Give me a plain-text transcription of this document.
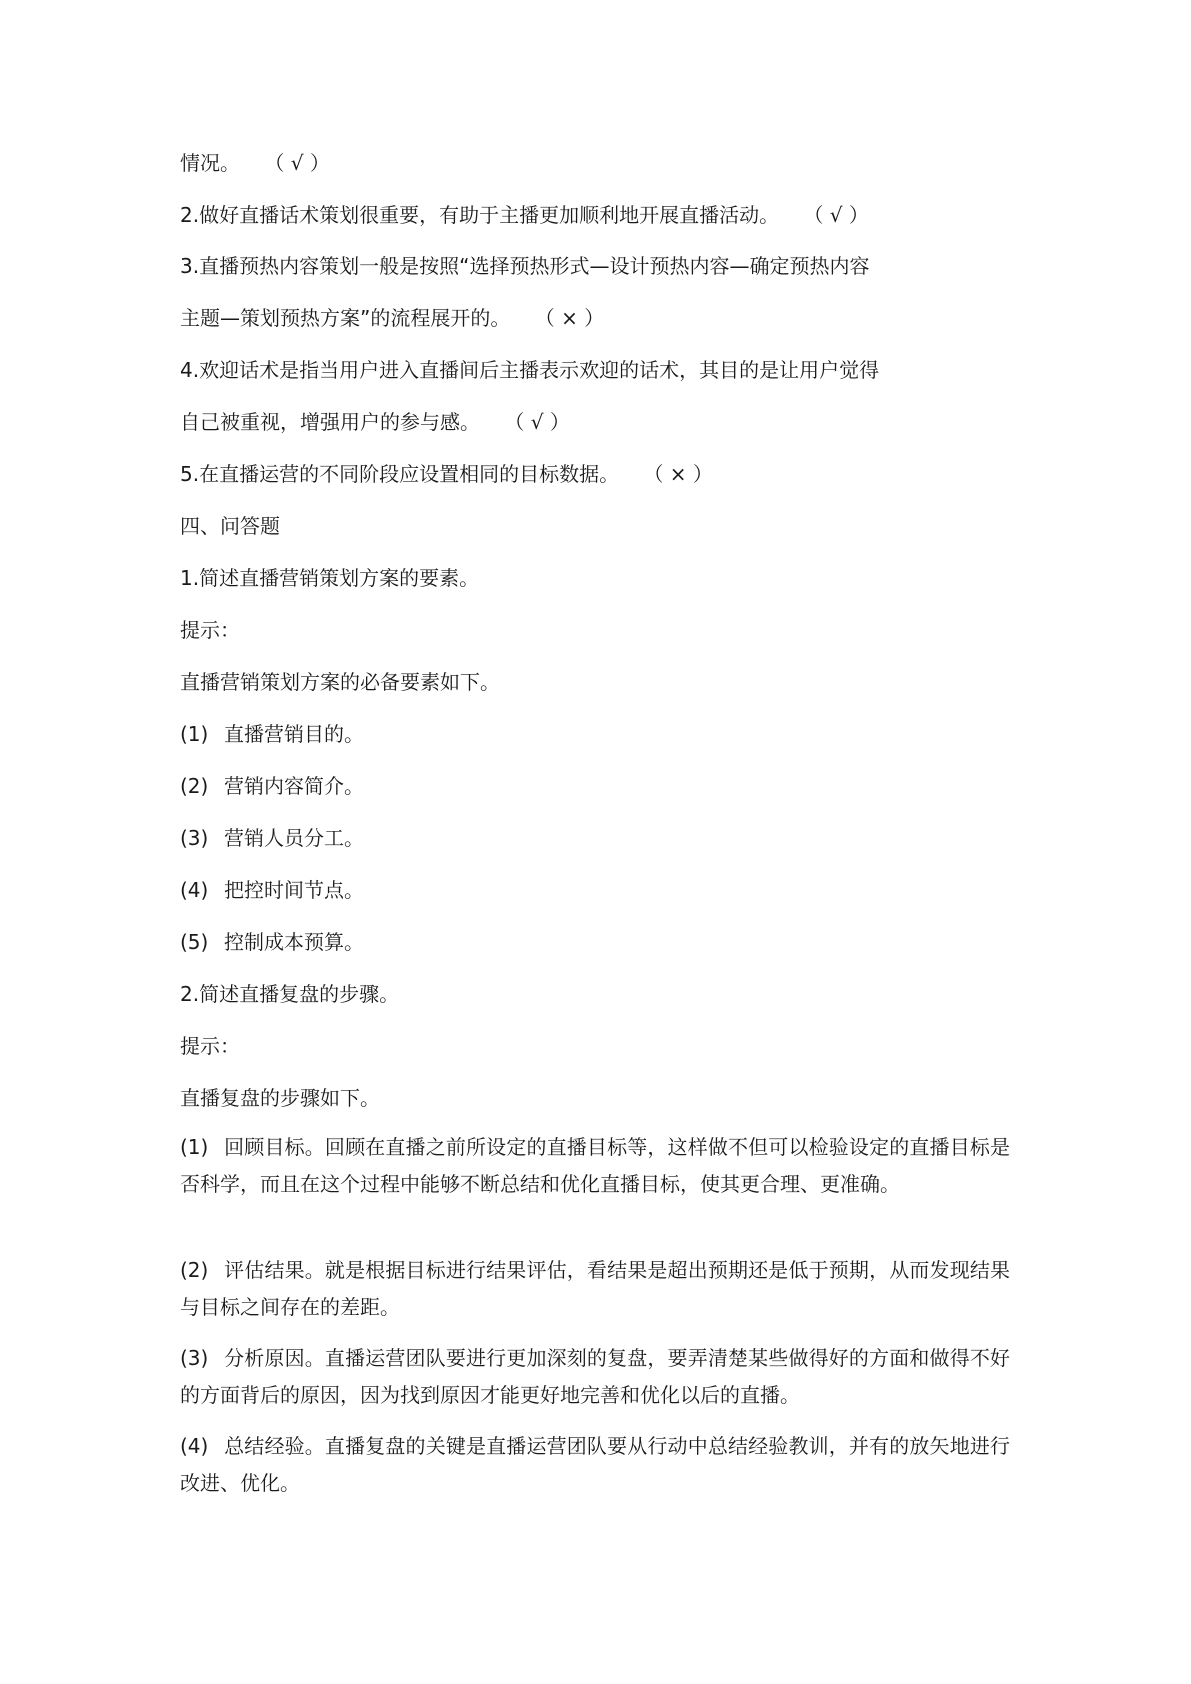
情况。 （ √ ）

2.做好直播话术策划很重要，有助于主播更加顺利地开展直播活动。 （ √ ）

3.直播预热内容策划一般是按照“选择预热形式—设计预热内容—确定预热内容

主题—策划预热方案”的流程展开的。 （ × ）

4.欢迎话术是指当用户进入直播间后主播表示欢迎的话术，其目的是让用户觉得

自己被重视，增强用户的参与感。 （ √ ）

5.在直播运营的不同阶段应设置相同的目标数据。 （ × ）

四、问答题

1.简述直播营销策划方案的要素。

提示：

直播营销策划方案的必备要素如下。

(1) 直播营销目的。

(2) 营销内容简介。

(3) 营销人员分工。

(4) 把控时间节点。

(5) 控制成本预算。

2.简述直播复盘的步骤。

提示：

直播复盘的步骤如下。

(1) 回顾目标。回顾在直播之前所设定的直播目标等，这样做不但可以检验设定的直播目标是否科学，而且在这个过程中能够不断总结和优化直播目标，使其更合理、更准确。

(2) 评估结果。就是根据目标进行结果评估，看结果是超出预期还是低于预期，从而发现结果与目标之间存在的差距。

(3) 分析原因。直播运营团队要进行更加深刻的复盘，要弄清楚某些做得好的方面和做得不好的方面背后的原因，因为找到原因才能更好地完善和优化以后的直播。

(4) 总结经验。直播复盘的关键是直播运营团队要从行动中总结经验教训，并有的放矢地进行改进、优化。
